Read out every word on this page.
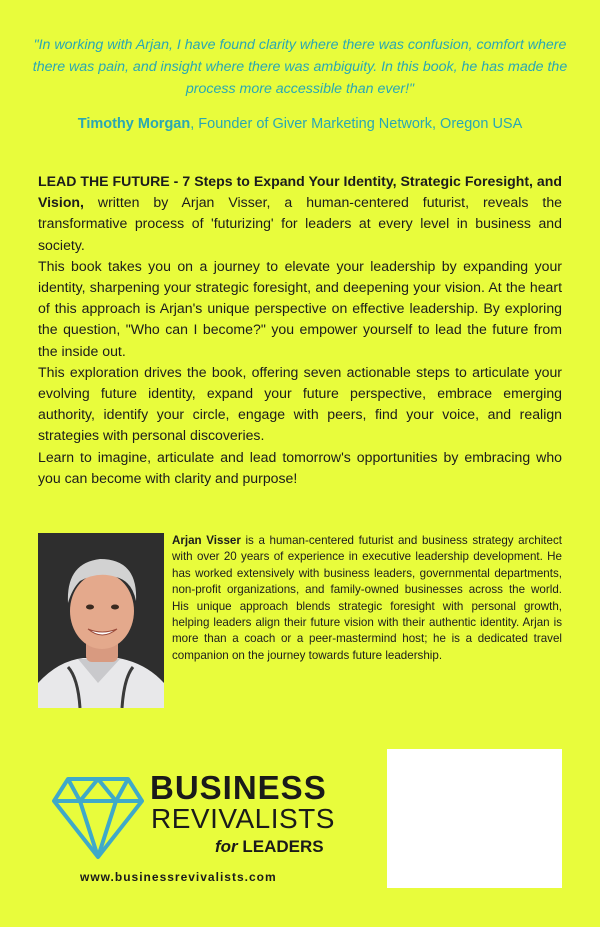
"In working with Arjan, I have found clarity where there was confusion, comfort where there was pain, and insight where there was ambiguity. In this book, he has made the process more accessible than ever!"
Timothy Morgan, Founder of Giver Marketing Network, Oregon USA

LEAD THE FUTURE - 7 Steps to Expand Your Identity, Strategic Foresight, and Vision, written by Arjan Visser, a human-centered futurist, reveals the transformative process of 'futurizing' for leaders at every level in business and society.

This book takes you on a journey to elevate your leadership by expanding your identity, sharpening your strategic foresight, and deepening your vision. At the heart of this approach is Arjan's unique perspective on effective leadership. By exploring the question, "Who can I become?" you empower yourself to lead the future from the inside out.

This exploration drives the book, offering seven actionable steps to articulate your evolving future identity, expand your future perspective, embrace emerging authority, identify your circle, engage with peers, find your voice, and realign strategies with personal discoveries.

Learn to imagine, articulate and lead tomorrow's opportunities by embracing who you can become with clarity and purpose!

Arjan Visser is a human-centered futurist and business strategy architect with over 20 years of experience in executive leadership development. He has worked extensively with business leaders, governmental departments, non-profit organizations, and family-owned businesses across the world. His unique approach blends strategic foresight with personal growth, helping leaders align their future vision with their authentic identity. Arjan is more than a coach or a peer-mastermind host; he is a dedicated travel companion on the journey towards future leadership.
BUSINESS
REVIVALISTS
for LEADERS
www.businessrevivalists.com
